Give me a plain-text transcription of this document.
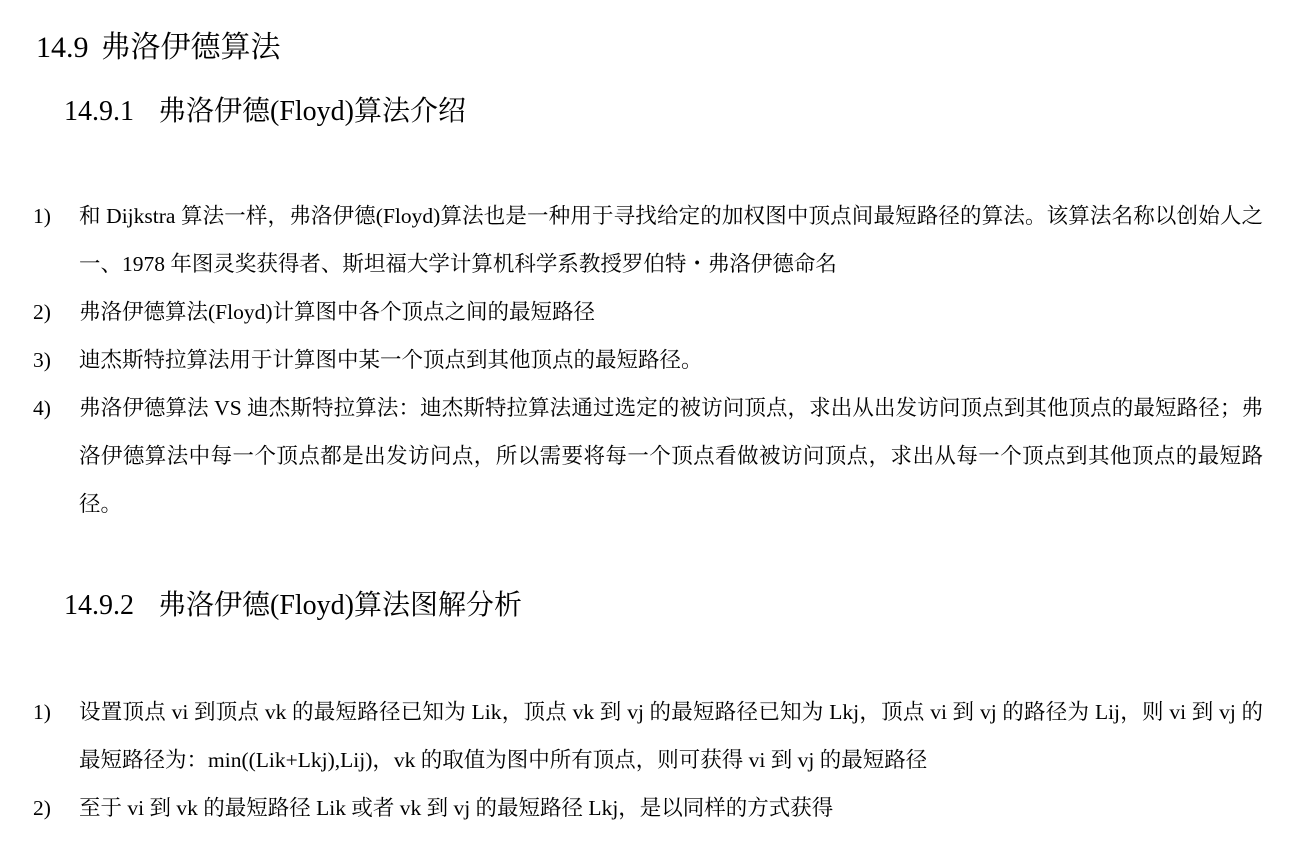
14.9 弗洛伊德算法
14.9.1 弗洛伊德(Floyd)算法介绍
1) 和 Dijkstra 算法一样，弗洛伊德(Floyd)算法也是一种用于寻找给定的加权图中顶点间最短路径的算法。该算法名称以创始人之一、1978 年图灵奖获得者、斯坦福大学计算机科学系教授罗伯特・弗洛伊德命名
2) 弗洛伊德算法(Floyd)计算图中各个顶点之间的最短路径
3) 迪杰斯特拉算法用于计算图中某一个顶点到其他顶点的最短路径。
4) 弗洛伊德算法 VS 迪杰斯特拉算法：迪杰斯特拉算法通过选定的被访问顶点，求出从出发访问顶点到其他顶点的最短路径；弗洛伊德算法中每一个顶点都是出发访问点，所以需要将每一个顶点看做被访问顶点，求出从每一个顶点到其他顶点的最短路径。
14.9.2 弗洛伊德(Floyd)算法图解分析
1) 设置顶点 vi 到顶点 vk 的最短路径已知为 Lik，顶点 vk 到 vj 的最短路径已知为 Lkj，顶点 vi 到 vj 的路径为 Lij，则 vi 到 vj 的最短路径为：min((Lik+Lkj),Lij)，vk 的取值为图中所有顶点，则可获得 vi 到 vj 的最短路径
2) 至于 vi 到 vk 的最短路径 Lik 或者 vk 到 vj 的最短路径 Lkj，是以同样的方式获得
